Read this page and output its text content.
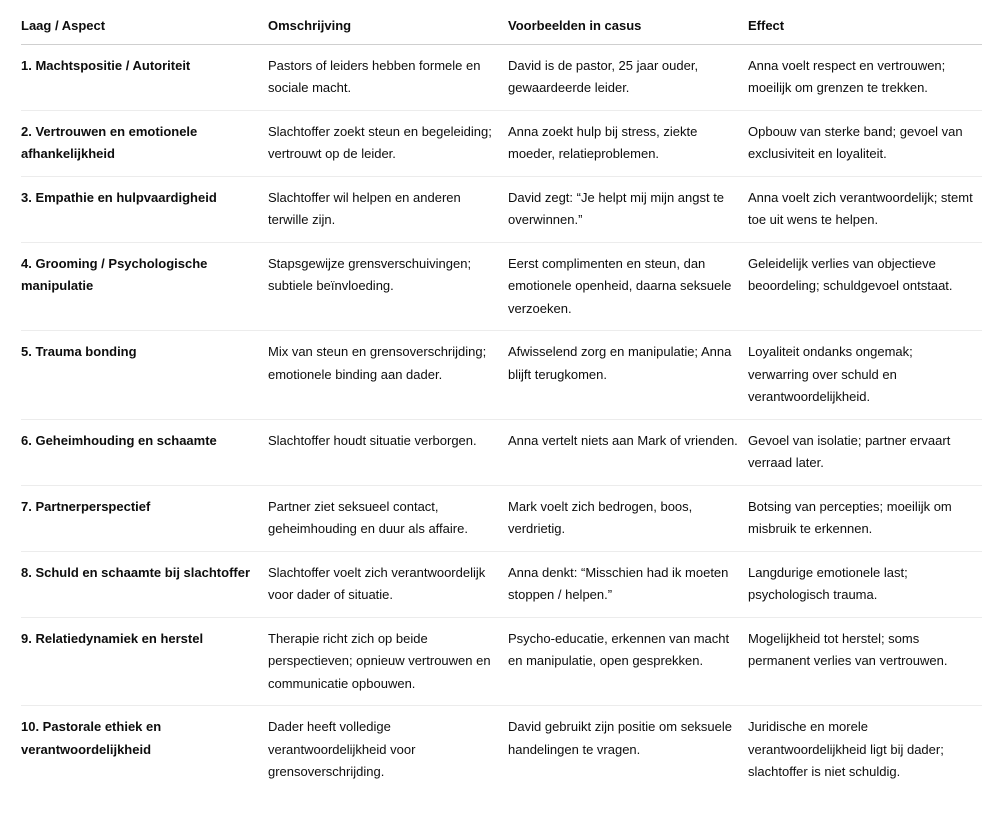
Laag / Aspect	Omschrijving	Voorbeelden in casus	Effect
1. Machtspositie / Autoriteit	Pastors of leiders hebben formele en sociale macht.	David is de pastor, 25 jaar ouder, gewaardeerde leider.	Anna voelt respect en vertrouwen; moeilijk om grenzen te trekken.
2. Vertrouwen en emotionele afhankelijkheid	Slachtoffer zoekt steun en begeleiding; vertrouwt op de leider.	Anna zoekt hulp bij stress, ziekte moeder, relatieproblemen.	Opbouw van sterke band; gevoel van exclusiviteit en loyaliteit.
3. Empathie en hulpvaardigheid	Slachtoffer wil helpen en anderen terwille zijn.	David zegt: “Je helpt mij mijn angst te overwinnen.”	Anna voelt zich verantwoordelijk; stemt toe uit wens te helpen.
4. Grooming / Psychologische manipulatie	Stapsgewijze grensverschuivingen; subtiele beïnvloeding.	Eerst complimenten en steun, dan emotionele openheid, daarna seksuele verzoeken.	Geleidelijk verlies van objectieve beoordeling; schuldgevoel ontstaat.
5. Trauma bonding	Mix van steun en grensoverschrijding; emotionele binding aan dader.	Afwisselend zorg en manipulatie; Anna blijft terugkomen.	Loyaliteit ondanks ongemak; verwarring over schuld en verantwoordelijkheid.
6. Geheimhouding en schaamte	Slachtoffer houdt situatie verborgen.	Anna vertelt niets aan Mark of vrienden.	Gevoel van isolatie; partner ervaart verraad later.
7. Partnerperspectief	Partner ziet seksueel contact, geheimhouding en duur als affaire.	Mark voelt zich bedrogen, boos, verdrietig.	Botsing van percepties; moeilijk om misbruik te erkennen.
8. Schuld en schaamte bij slachtoffer	Slachtoffer voelt zich verantwoordelijk voor dader of situatie.	Anna denkt: “Misschien had ik moeten stoppen / helpen.”	Langdurige emotionele last; psychologisch trauma.
9. Relatiedynamiek en herstel	Therapie richt zich op beide perspectieven; opnieuw vertrouwen en communicatie opbouwen.	Psycho-educatie, erkennen van macht en manipulatie, open gesprekken.	Mogelijkheid tot herstel; soms permanent verlies van vertrouwen.
10. Pastorale ethiek en verantwoordelijkheid	Dader heeft volledige verantwoordelijkheid voor grensoverschrijding.	David gebruikt zijn positie om seksuele handelingen te vragen.	Juridische en morele verantwoordelijkheid ligt bij dader; slachtoffer is niet schuldig.
